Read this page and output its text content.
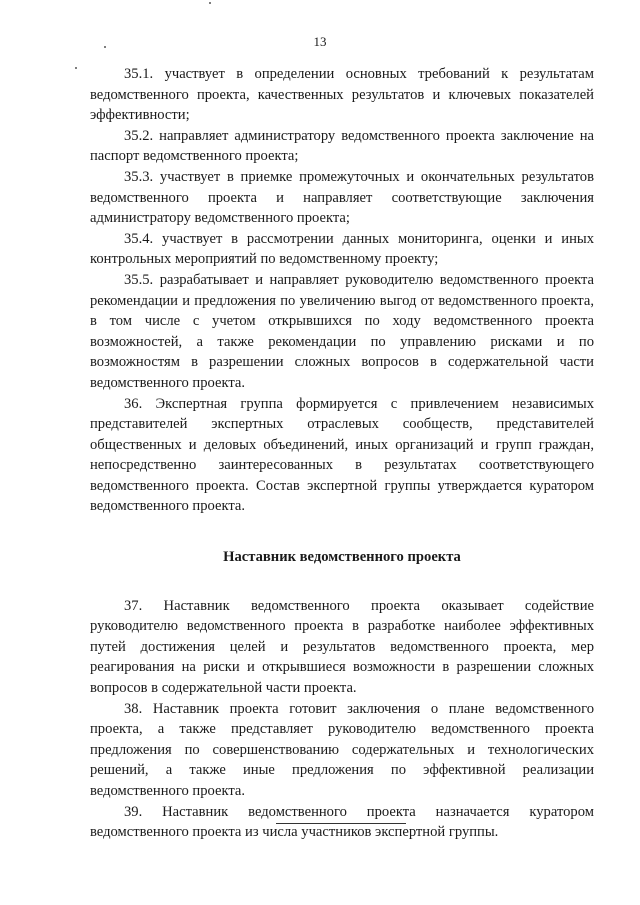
13

35.1. участвует в определении основных требований к результатам ведомственного проекта, качественных результатов и ключевых показателей эффективности;

35.2. направляет администратору ведомственного проекта заключение на паспорт ведомственного проекта;

35.3. участвует в приемке промежуточных и окончательных результатов ведомственного проекта и направляет соответствующие заключения администратору ведомственного проекта;

35.4. участвует в рассмотрении данных мониторинга, оценки и иных контрольных мероприятий по ведомственному проекту;

35.5. разрабатывает и направляет руководителю ведомственного проекта рекомендации и предложения по увеличению выгод от ведомственного проекта, в том числе с учетом открывшихся по ходу ведомственного проекта возможностей, а также рекомендации по управлению рисками и по возможностям в разрешении сложных вопросов в содержательной части ведомственного проекта.

36. Экспертная группа формируется с привлечением независимых представителей экспертных отраслевых сообществ, представителей общественных и деловых объединений, иных организаций и групп граждан, непосредственно заинтересованных в результатах соответствующего ведомственного проекта. Состав экспертной группы утверждается куратором ведомственного проекта.

Наставник ведомственного проекта

37. Наставник ведомственного проекта оказывает содействие руководителю ведомственного проекта в разработке наиболее эффективных путей достижения целей и результатов ведомственного проекта, мер реагирования на риски и открывшиеся возможности в разрешении сложных вопросов в содержательной части проекта.

38. Наставник проекта готовит заключения о плане ведомственного проекта, а также представляет руководителю ведомственного проекта предложения по совершенствованию содержательных и технологических решений, а также иные предложения по эффективной реализации ведомственного проекта.

39. Наставник ведомственного проекта назначается куратором ведомственного проекта из числа участников экспертной группы.
